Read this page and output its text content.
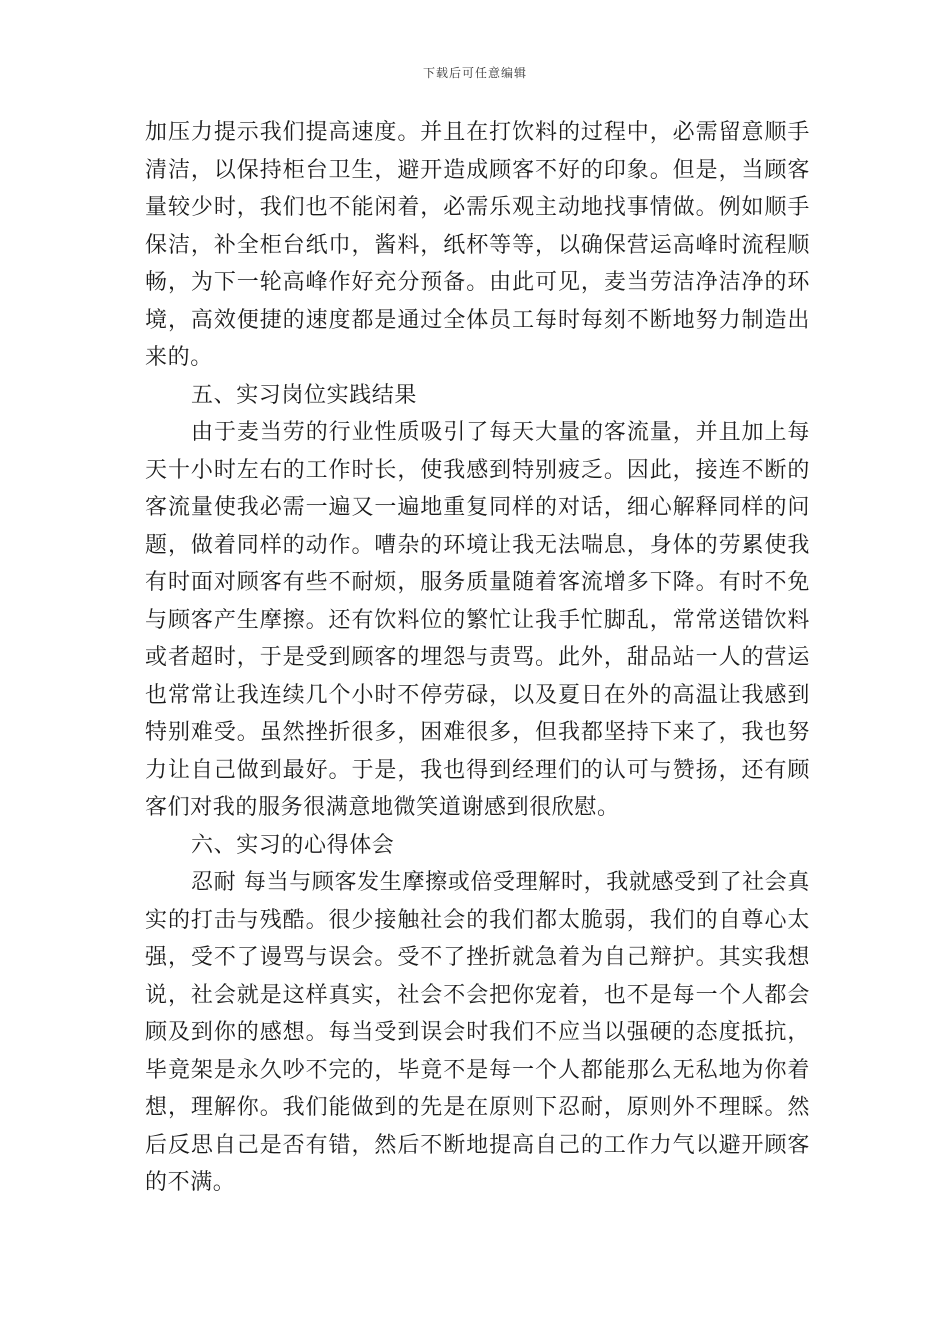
下载后可任意编辑

加压力提示我们提高速度。并且在打饮料的过程中，必需留意顺手清洁，以保持柜台卫生，避开造成顾客不好的印象。但是，当顾客量较少时，我们也不能闲着，必需乐观主动地找事情做。例如顺手保洁，补全柜台纸巾，酱料，纸杯等等，以确保营运高峰时流程顺畅，为下一轮高峰作好充分预备。由此可见，麦当劳洁净洁净的环境，高效便捷的速度都是通过全体员工每时每刻不断地努力制造出来的。

五、实习岗位实践结果

由于麦当劳的行业性质吸引了每天大量的客流量，并且加上每天十小时左右的工作时长，使我感到特别疲乏。因此，接连不断的客流量使我必需一遍又一遍地重复同样的对话，细心解释同样的问题，做着同样的动作。嘈杂的环境让我无法喘息，身体的劳累使我有时面对顾客有些不耐烦，服务质量随着客流增多下降。有时不免与顾客产生摩擦。还有饮料位的繁忙让我手忙脚乱，常常送错饮料或者超时，于是受到顾客的埋怨与责骂。此外，甜品站一人的营运也常常让我连续几个小时不停劳碌，以及夏日在外的高温让我感到特别难受。虽然挫折很多，困难很多，但我都坚持下来了，我也努力让自己做到最好。于是，我也得到经理们的认可与赞扬，还有顾客们对我的服务很满意地微笑道谢感到很欣慰。

六、实习的心得体会

忍耐 每当与顾客发生摩擦或倍受理解时，我就感受到了社会真实的打击与残酷。很少接触社会的我们都太脆弱，我们的自尊心太强，受不了谩骂与误会。受不了挫折就急着为自己辩护。其实我想说，社会就是这样真实，社会不会把你宠着，也不是每一个人都会顾及到你的感想。每当受到误会时我们不应当以强硬的态度抵抗，毕竟架是永久吵不完的，毕竟不是每一个人都能那么无私地为你着想，理解你。我们能做到的先是在原则下忍耐，原则外不理睬。然后反思自己是否有错，然后不断地提高自己的工作力气以避开顾客的不满。
